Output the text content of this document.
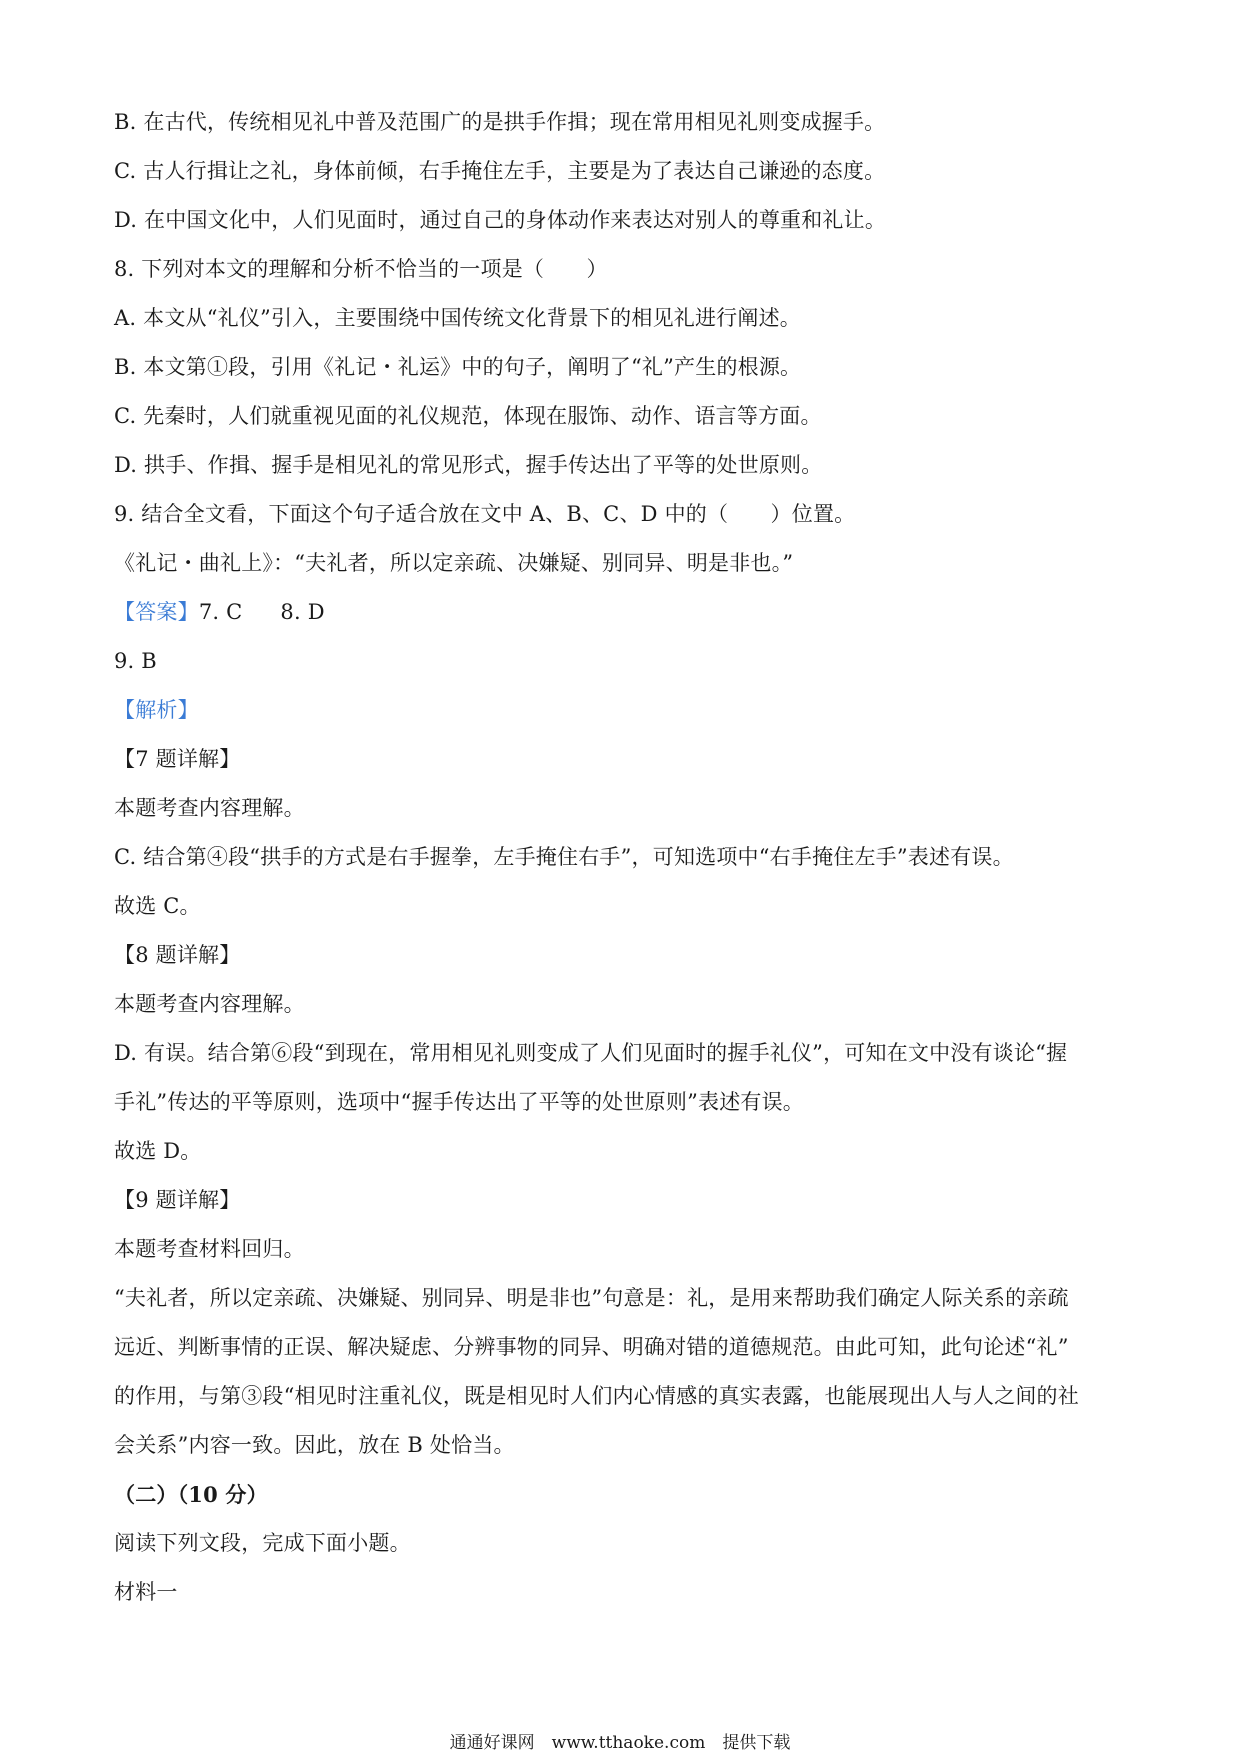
B. 在古代，传统相见礼中普及范围广的是拱手作揖；现在常用相见礼则变成握手。
C. 古人行揖让之礼，身体前倾，右手掩住左手，主要是为了表达自己谦逊的态度。
D. 在中国文化中，人们见面时，通过自己的身体动作来表达对别人的尊重和礼让。
8. 下列对本文的理解和分析不恰当的一项是（　　）
A. 本文从“礼仪”引入，主要围绕中国传统文化背景下的相见礼进行阐述。
B. 本文第①段，引用《礼记・礼运》中的句子，阐明了“礼”产生的根源。
C. 先秦时，人们就重视见面的礼仪规范，体现在服饰、动作、语言等方面。
D. 拱手、作揖、握手是相见礼的常见形式，握手传达出了平等的处世原则。
9. 结合全文看，下面这个句子适合放在文中 A、B、C、D 中的（　　）位置。
《礼记・曲礼上》：“夫礼者，所以定亲疏、决嫌疑、别同异、明是非也。”
【答案】7. C 8. D
9. B
【解析】
【7 题详解】
本题考查内容理解。
C. 结合第④段“拱手的方式是右手握拳，左手掩住右手”，可知选项中“右手掩住左手”表述有误。
故选 C。
【8 题详解】
本题考查内容理解。
D. 有误。结合第⑥段“到现在，常用相见礼则变成了人们见面时的握手礼仪”，可知在文中没有谈论“握
手礼”传达的平等原则，选项中“握手传达出了平等的处世原则”表述有误。
故选 D。
【9 题详解】
本题考查材料回归。
“夫礼者，所以定亲疏、决嫌疑、别同异、明是非也”句意是：礼，是用来帮助我们确定人际关系的亲疏
远近、判断事情的正误、解决疑虑、分辨事物的同异、明确对错的道德规范。由此可知，此句论述“礼”
的作用，与第③段“相见时注重礼仪，既是相见时人们内心情感的真实表露，也能展现出人与人之间的社
会关系”内容一致。因此，放在 B 处恰当。
（二）（10 分）
阅读下列文段，完成下面小题。
材料一
通通好课网　www.tthaoke.com　提供下载
